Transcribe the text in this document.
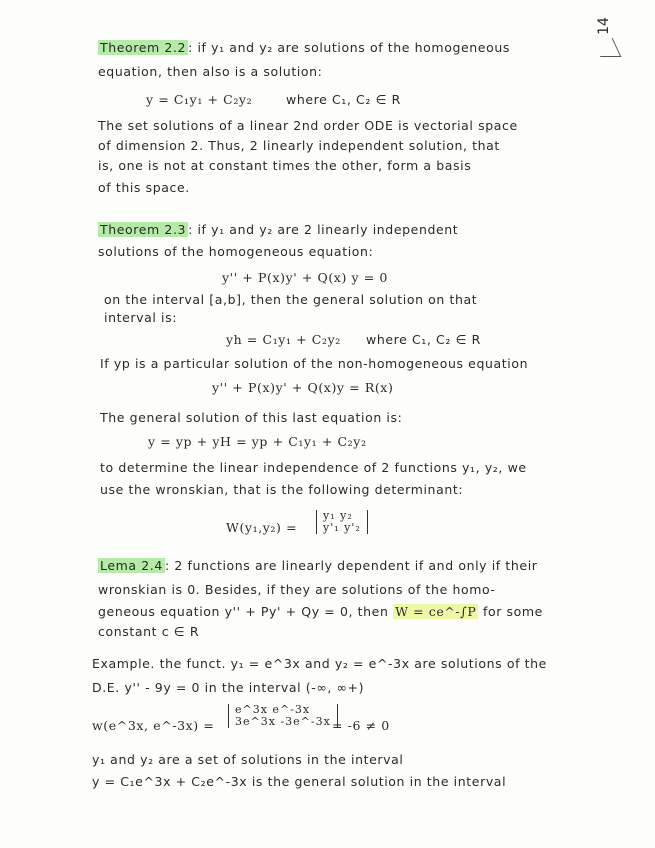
14
Theorem 2.2 : if y₁ and y₂ are solutions of the homogeneous
equation, then also is a solution:
y = C₁y₁ + C₂y₂	where C₁, C₂ ∈ R
The set solutions of a linear 2nd order ODE is vectorial space
of dimension 2. Thus, 2 linearly independent solution, that
is, one is not at constant times the other, form a basis
of this space.
Theorem 2.3 : if y₁ and y₂ are 2 linearly independent
solutions of the homogeneous equation:
y'' + P(x)y' + Q(x) y = 0
on the interval [a,b], then the general solution on that
interval is:
yh = C₁y₁ + C₂y₂ where C₁, C₂ ∈ R
If yp is a particular solution of the non-homogeneous equation
y'' + P(x)y' + Q(x)y = R(x)
The general solution of this last equation is:
y = yp + yH = yp + C₁y₁ + C₂y₂
to determine the linear independence of 2 functions y₁, y₂, we
use the wronskian, that is the following determinant:
W(y₁,y₂) =
y₁ y₂
y'₁ y'₂
Lema 2.4 : 2 functions are linearly dependent if and only if their
wronskian is 0. Besides, if they are solutions of the homo-
geneous equation y'' + Py' + Qy = 0, then W = ce^-∫P for some
constant c ∈ R
Example. the funct. y₁ = e^3x and y₂ = e^-3x are solutions of the
D.E. y'' - 9y = 0 in the interval (-∞, ∞+)
w(e^3x, e^-3x) =
e^3x e^-3x
3e^3x -3e^-3x = -6 ≠ 0
y₁ and y₂ are a set of solutions in the interval
y = C₁e^3x + C₂e^-3x is the general solution in the interval
